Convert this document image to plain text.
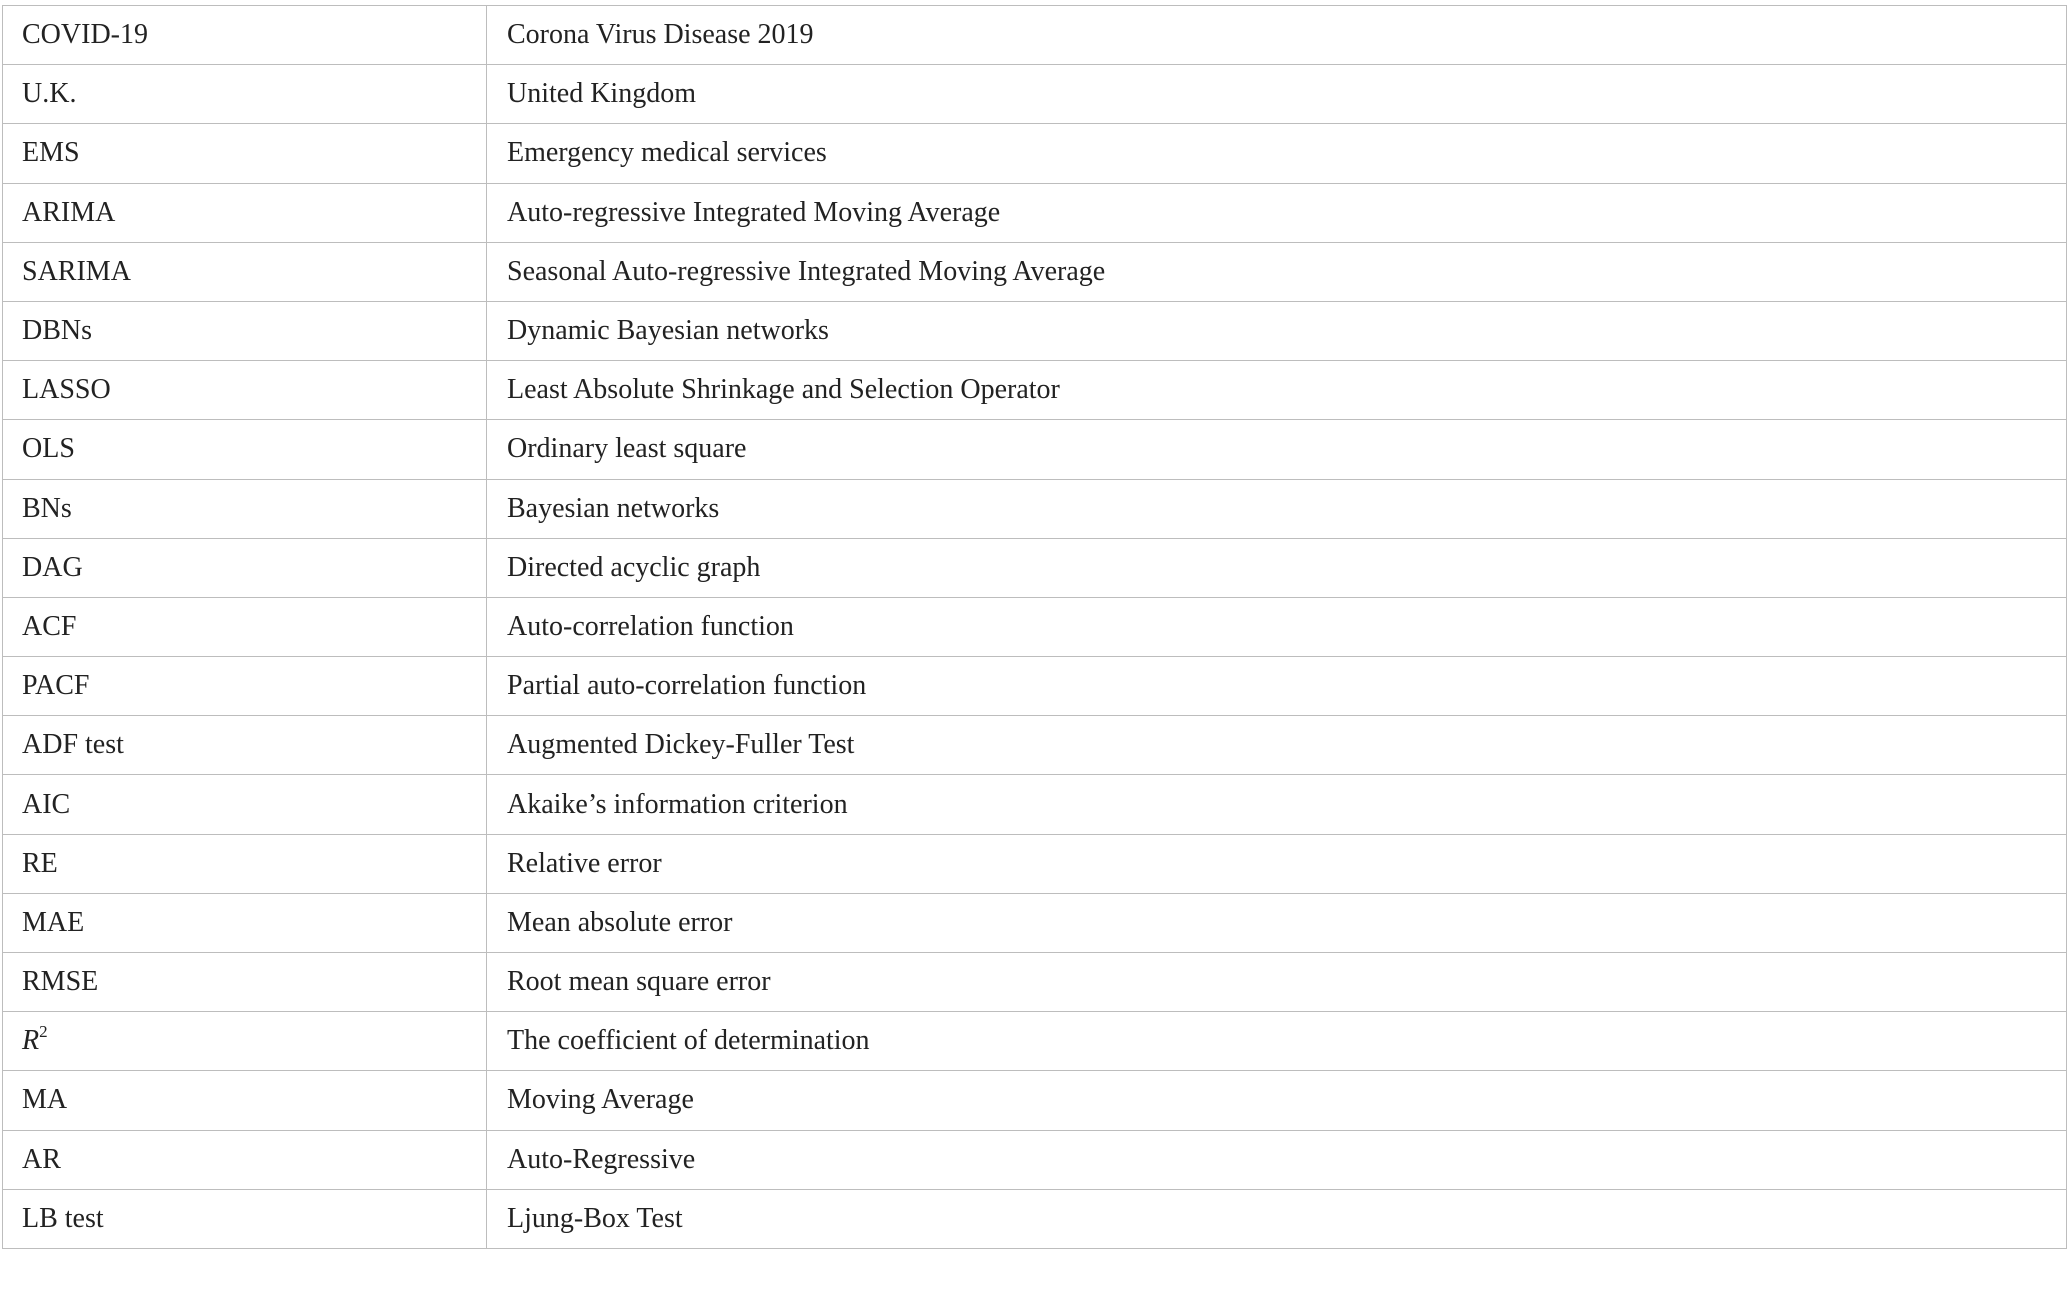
COVID-19	Corona Virus Disease 2019
U.K.	United Kingdom
EMS	Emergency medical services
ARIMA	Auto-regressive Integrated Moving Average
SARIMA	Seasonal Auto-regressive Integrated Moving Average
DBNs	Dynamic Bayesian networks
LASSO	Least Absolute Shrinkage and Selection Operator
OLS	Ordinary least square
BNs	Bayesian networks
DAG	Directed acyclic graph
ACF	Auto-correlation function
PACF	Partial auto-correlation function
ADF test	Augmented Dickey-Fuller Test
AIC	Akaike’s information criterion
RE	Relative error
MAE	Mean absolute error
RMSE	Root mean square error
$R^2$	The coefficient of determination
MA	Moving Average
AR	Auto-Regressive
LB test	Ljung-Box Test
